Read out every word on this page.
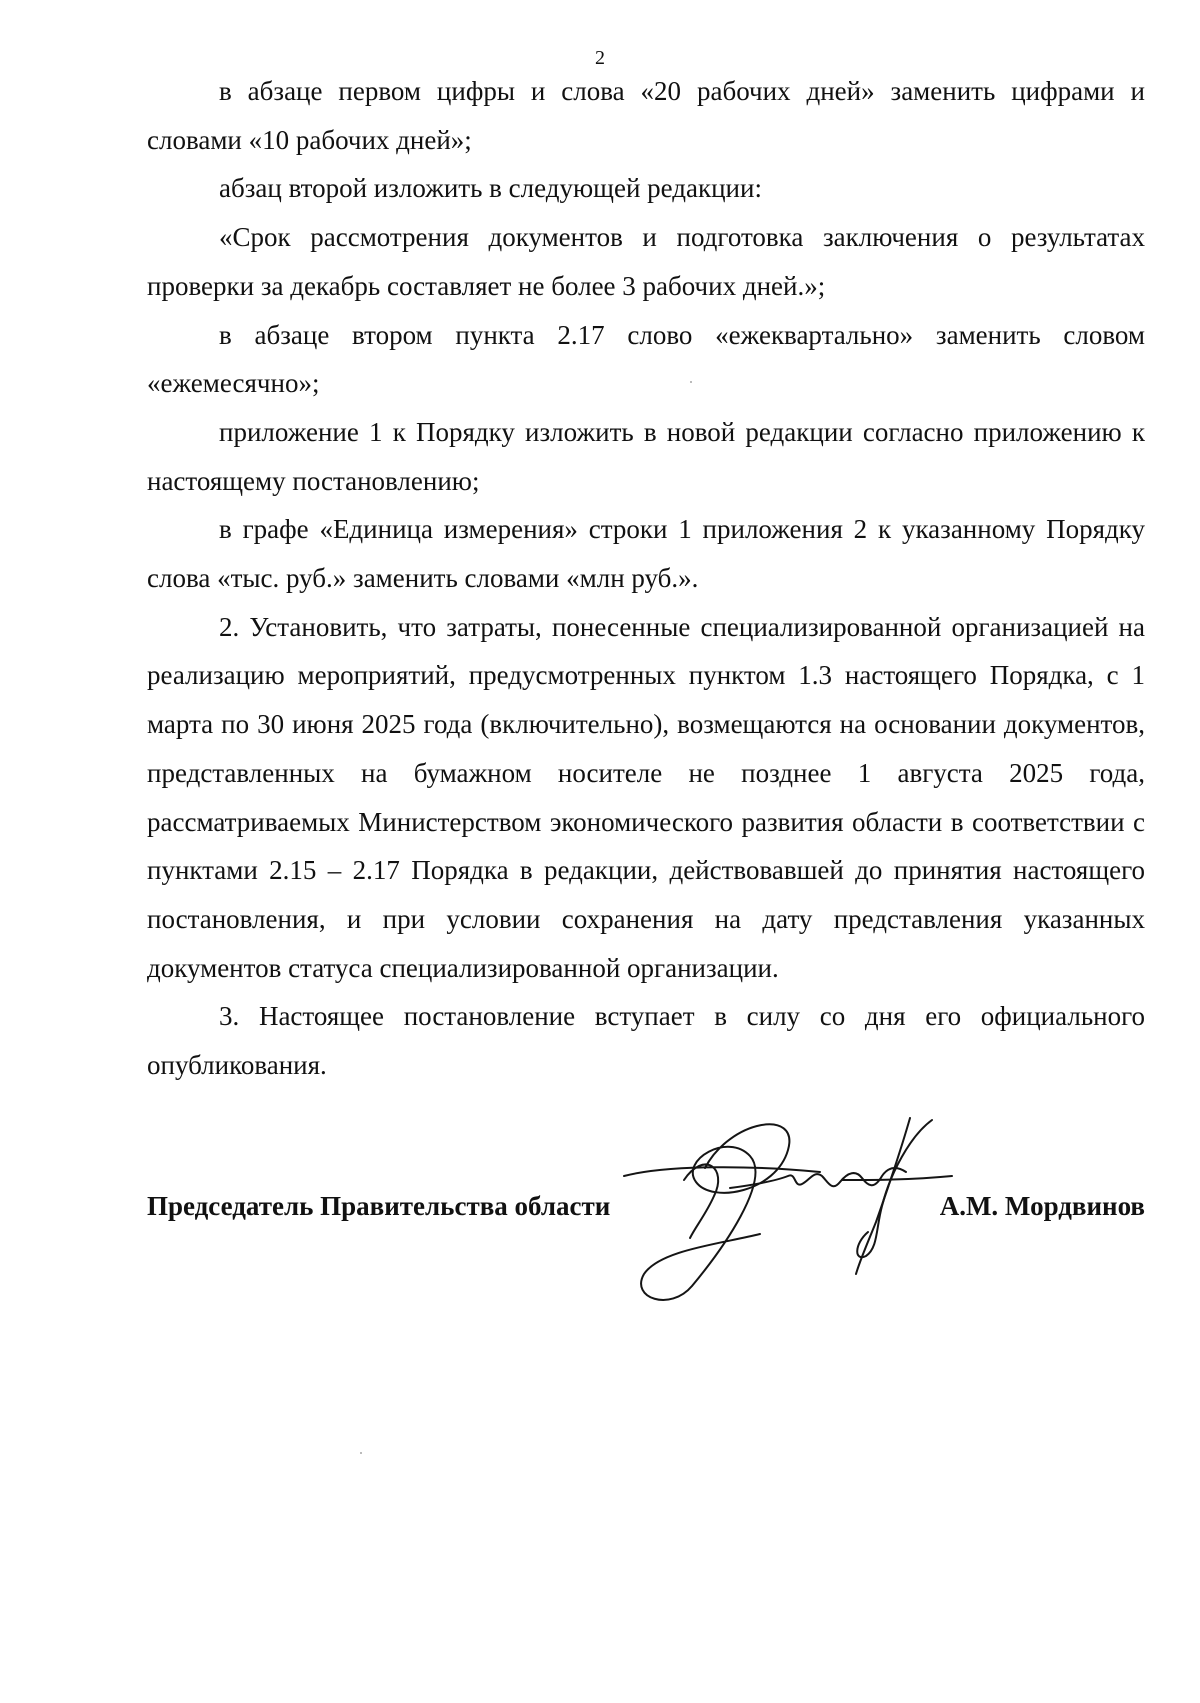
2

в абзаце первом цифры и слова «20 рабочих дней» заменить цифрами и словами «10 рабочих дней»;

абзац второй изложить в следующей редакции:

«Срок рассмотрения документов и подготовка заключения о результатах проверки за декабрь составляет не более 3 рабочих дней.»;

в абзаце втором пункта 2.17 слово «ежеквартально» заменить словом «ежемесячно»;

приложение 1 к Порядку изложить в новой редакции согласно приложению к настоящему постановлению;

в графе «Единица измерения» строки 1 приложения 2 к указанному Порядку слова «тыс. руб.» заменить словами «млн руб.».

2. Установить, что затраты, понесенные специализированной организацией на реализацию мероприятий, предусмотренных пунктом 1.3 настоящего Порядка, с 1 марта по 30 июня 2025 года (включительно), возмещаются на основании документов, представленных на бумажном носителе не позднее 1 августа 2025 года, рассматриваемых Министерством экономического развития области в соответствии с пунктами 2.15 – 2.17 Порядка в редакции, действовавшей до принятия настоящего постановления, и при условии сохранения на дату представления указанных документов статуса специализированной организации.

3. Настоящее постановление вступает в силу со дня его официального опубликования.

Председатель Правительства области	А.М. Мордвинов
